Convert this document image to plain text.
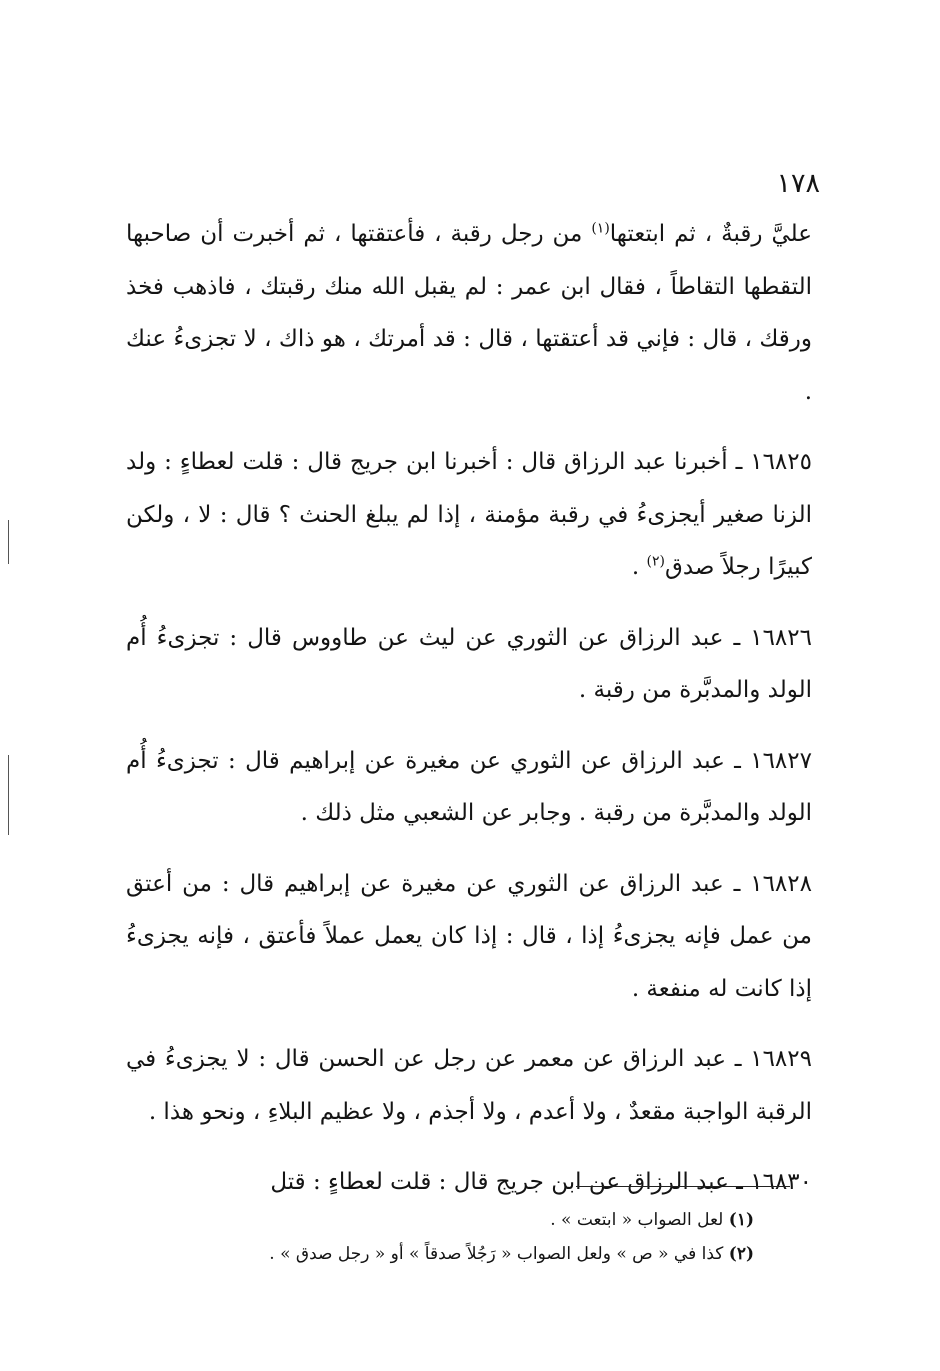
١٧٨

عليَّ رقبةٌ ، ثم ابتعتها$^{(١)}$ من رجل رقبة ، فأعتقتها ، ثم أخبرت أن صاحبها التقطها التقاطاً ، فقال ابن عمر : لم يقبل الله منك رقبتك ، فاذهب فخذ ورقك ، قال : فإني قد أعتقتها ، قال : قد أمرتك ، هو ذاك ، لا تجزىءُ عنك .

١٦٨٢٥ ـ أخبرنا عبد الرزاق قال : أخبرنا ابن جريج قال : قلت لعطاءٍ : ولد الزنا صغير أيجزىءُ في رقبة مؤمنة ، إذا لم يبلغ الحنث ؟ قال : لا ، ولكن كبيرًا رجلاً صدق$^{(٢)}$ .

١٦٨٢٦ ـ عبد الرزاق عن الثوري عن ليث عن طاووس قال : تجزىءُ أُم الولد والمدبَّرة من رقبة .

١٦٨٢٧ ـ عبد الرزاق عن الثوري عن مغيرة عن إبراهيم قال : تجزىءُ أُم الولد والمدبَّرة من رقبة . وجابر عن الشعبي مثل ذلك .

١٦٨٢٨ ـ عبد الرزاق عن الثوري عن مغيرة عن إبراهيم قال : من أعتق من عمل فإنه يجزىءُ إذا ، قال : إذا كان يعمل عملاً فأعتق ، فإنه يجزىءُ إذا كانت له منفعة .

١٦٨٢٩ ـ عبد الرزاق عن معمر عن رجل عن الحسن قال : لا يجزىءُ في الرقبة الواجبة مقعدٌ ، ولا أعدم ، ولا أجذم ، ولا عظيم البلاءِ ، ونحو هذا .

١٦٨٣٠ ـ عبد الرزاق عن ابن جريج قال : قلت لعطاءٍ : قتل

(١) لعل الصواب « ابتعت » .

(٢) كذا في « ص » ولعل الصواب « رَجُلاً صدقاً » أو « رجل صدق » .
